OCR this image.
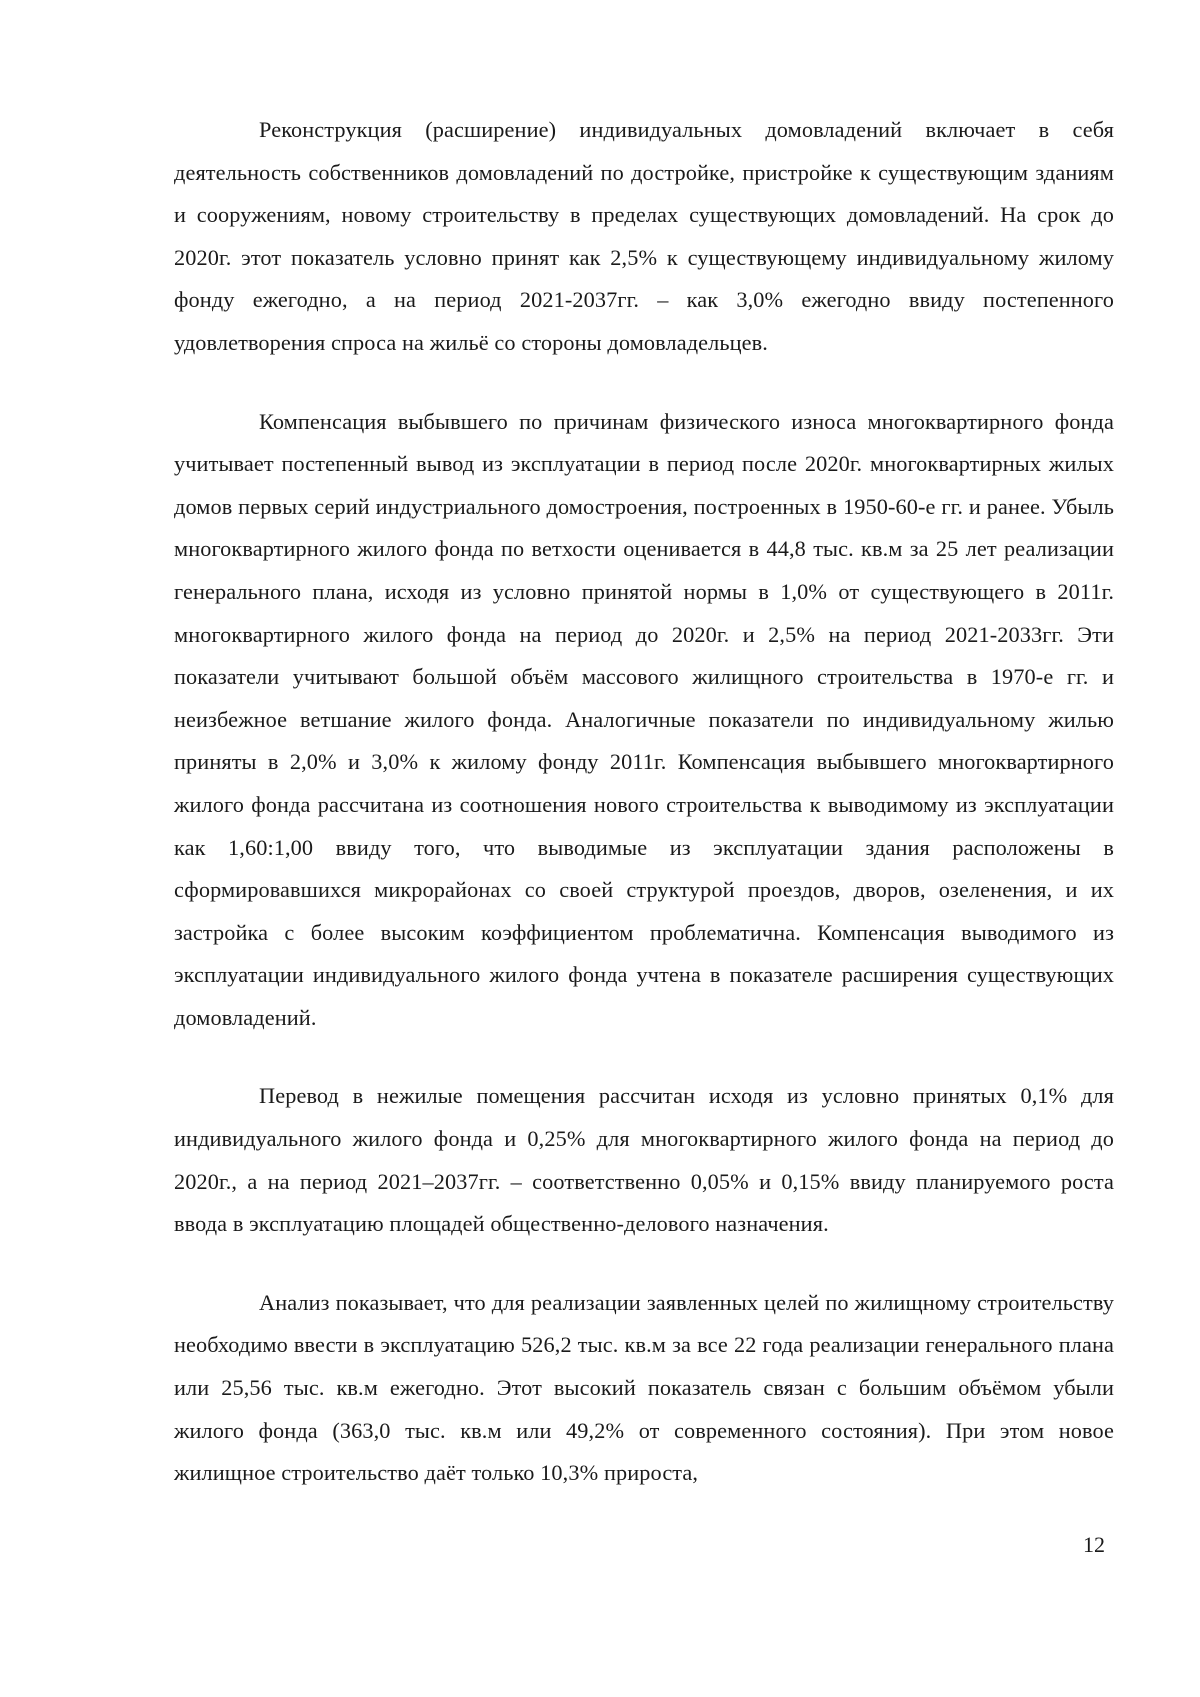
Реконструкция (расширение) индивидуальных домовладений включает в себя деятельность собственников домовладений по достройке, пристройке к существующим зданиям и сооружениям, новому строительству в пределах существующих домовладений. На срок до 2020г. этот показатель условно принят как 2,5% к существующему индивидуальному жилому фонду ежегодно, а на период 2021-2037гг. – как 3,0% ежегодно ввиду постепенного удовлетворения спроса на жильё со стороны домовладельцев.

Компенсация выбывшего по причинам физического износа многоквартирного фонда учитывает постепенный вывод из эксплуатации в период после 2020г. многоквартирных жилых домов первых серий индустриального домостроения, построенных в 1950-60-е гг. и ранее. Убыль многоквартирного жилого фонда по ветхости оценивается в 44,8 тыс. кв.м за 25 лет реализации генерального плана, исходя из условно принятой нормы в 1,0% от существующего в 2011г. многоквартирного жилого фонда на период до 2020г. и 2,5% на период 2021-2033гг. Эти показатели учитывают большой объём массового жилищного строительства в 1970-е гг. и неизбежное ветшание жилого фонда. Аналогичные показатели по индивидуальному жилью приняты в 2,0% и 3,0% к жилому фонду 2011г. Компенсация выбывшего многоквартирного жилого фонда рассчитана из соотношения нового строительства к выводимому из эксплуатации как 1,60:1,00 ввиду того, что выводимые из эксплуатации здания расположены в сформировавшихся микрорайонах со своей структурой проездов, дворов, озеленения, и их застройка с более высоким коэффициентом проблематична. Компенсация выводимого из эксплуатации индивидуального жилого фонда учтена в показателе расширения существующих домовладений.

Перевод в нежилые помещения рассчитан исходя из условно принятых 0,1% для индивидуального жилого фонда и 0,25% для многоквартирного жилого фонда на период до 2020г., а на период 2021–2037гг. – соответственно 0,05% и 0,15% ввиду планируемого роста ввода в эксплуатацию площадей общественно-делового назначения.

Анализ показывает, что для реализации заявленных целей по жилищному строительству необходимо ввести в эксплуатацию 526,2 тыс. кв.м за все 22 года реализации генерального плана или 25,56 тыс. кв.м ежегодно. Этот высокий показатель связан с большим объёмом убыли жилого фонда (363,0 тыс. кв.м или 49,2% от современного состояния). При этом новое жилищное строительство даёт только 10,3% прироста,

12
